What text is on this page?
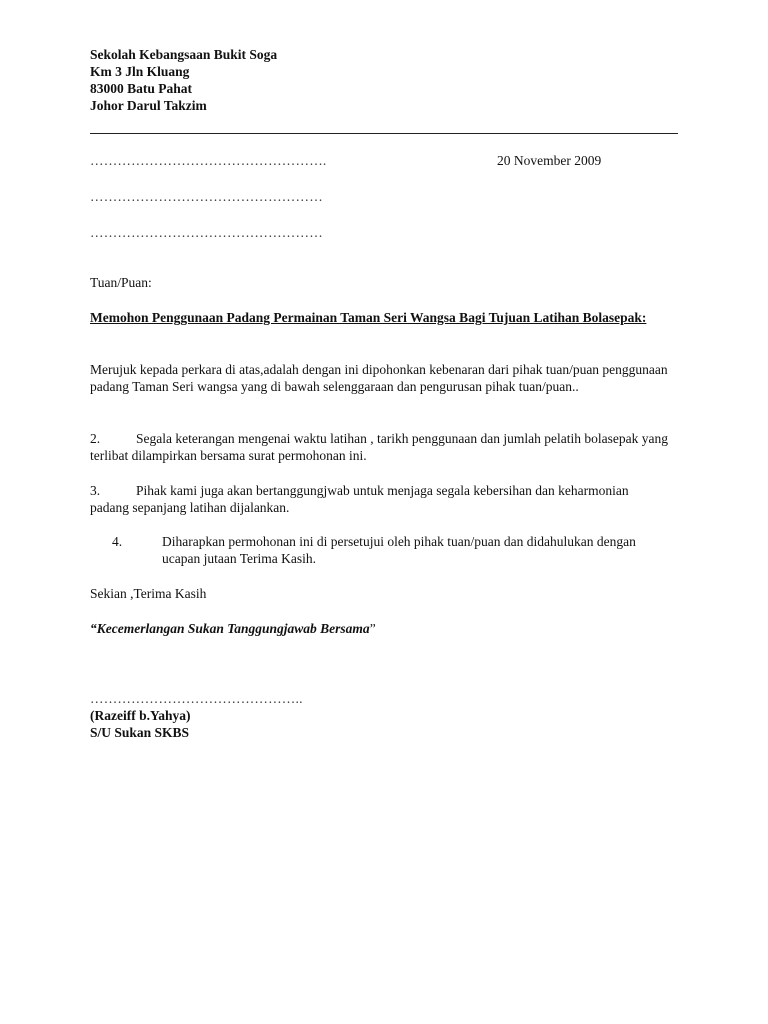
Sekolah Kebangsaan Bukit Soga
Km 3 Jln Kluang
83000 Batu Pahat
Johor Darul Takzim
…………………………………………….	20 November 2009
……………………………………………
……………………………………………
Tuan/Puan:
Memohon Penggunaan Padang Permainan Taman Seri Wangsa Bagi Tujuan Latihan Bolasepak:
Merujuk kepada perkara di atas,adalah dengan ini dipohonkan kebenaran dari pihak tuan/puan penggunaan padang Taman Seri wangsa yang di bawah selenggaraan dan pengurusan pihak tuan/puan..
2.	Segala keterangan mengenai waktu latihan , tarikh penggunaan dan jumlah pelatih bolasepak yang terlibat dilampirkan bersama surat permohonan ini.
3.	Pihak kami juga akan bertanggungjwab untuk menjaga segala kebersihan dan keharmonian padang sepanjang latihan dijalankan.
4.	Diharapkan permohonan ini di persetujui oleh pihak tuan/puan dan didahulukan dengan ucapan jutaan Terima Kasih.
Sekian ,Terima Kasih
“Kecemerlangan Sukan Tanggungjawab Bersama”
………………………………………..
(Razeiff b.Yahya)
S/U Sukan SKBS
